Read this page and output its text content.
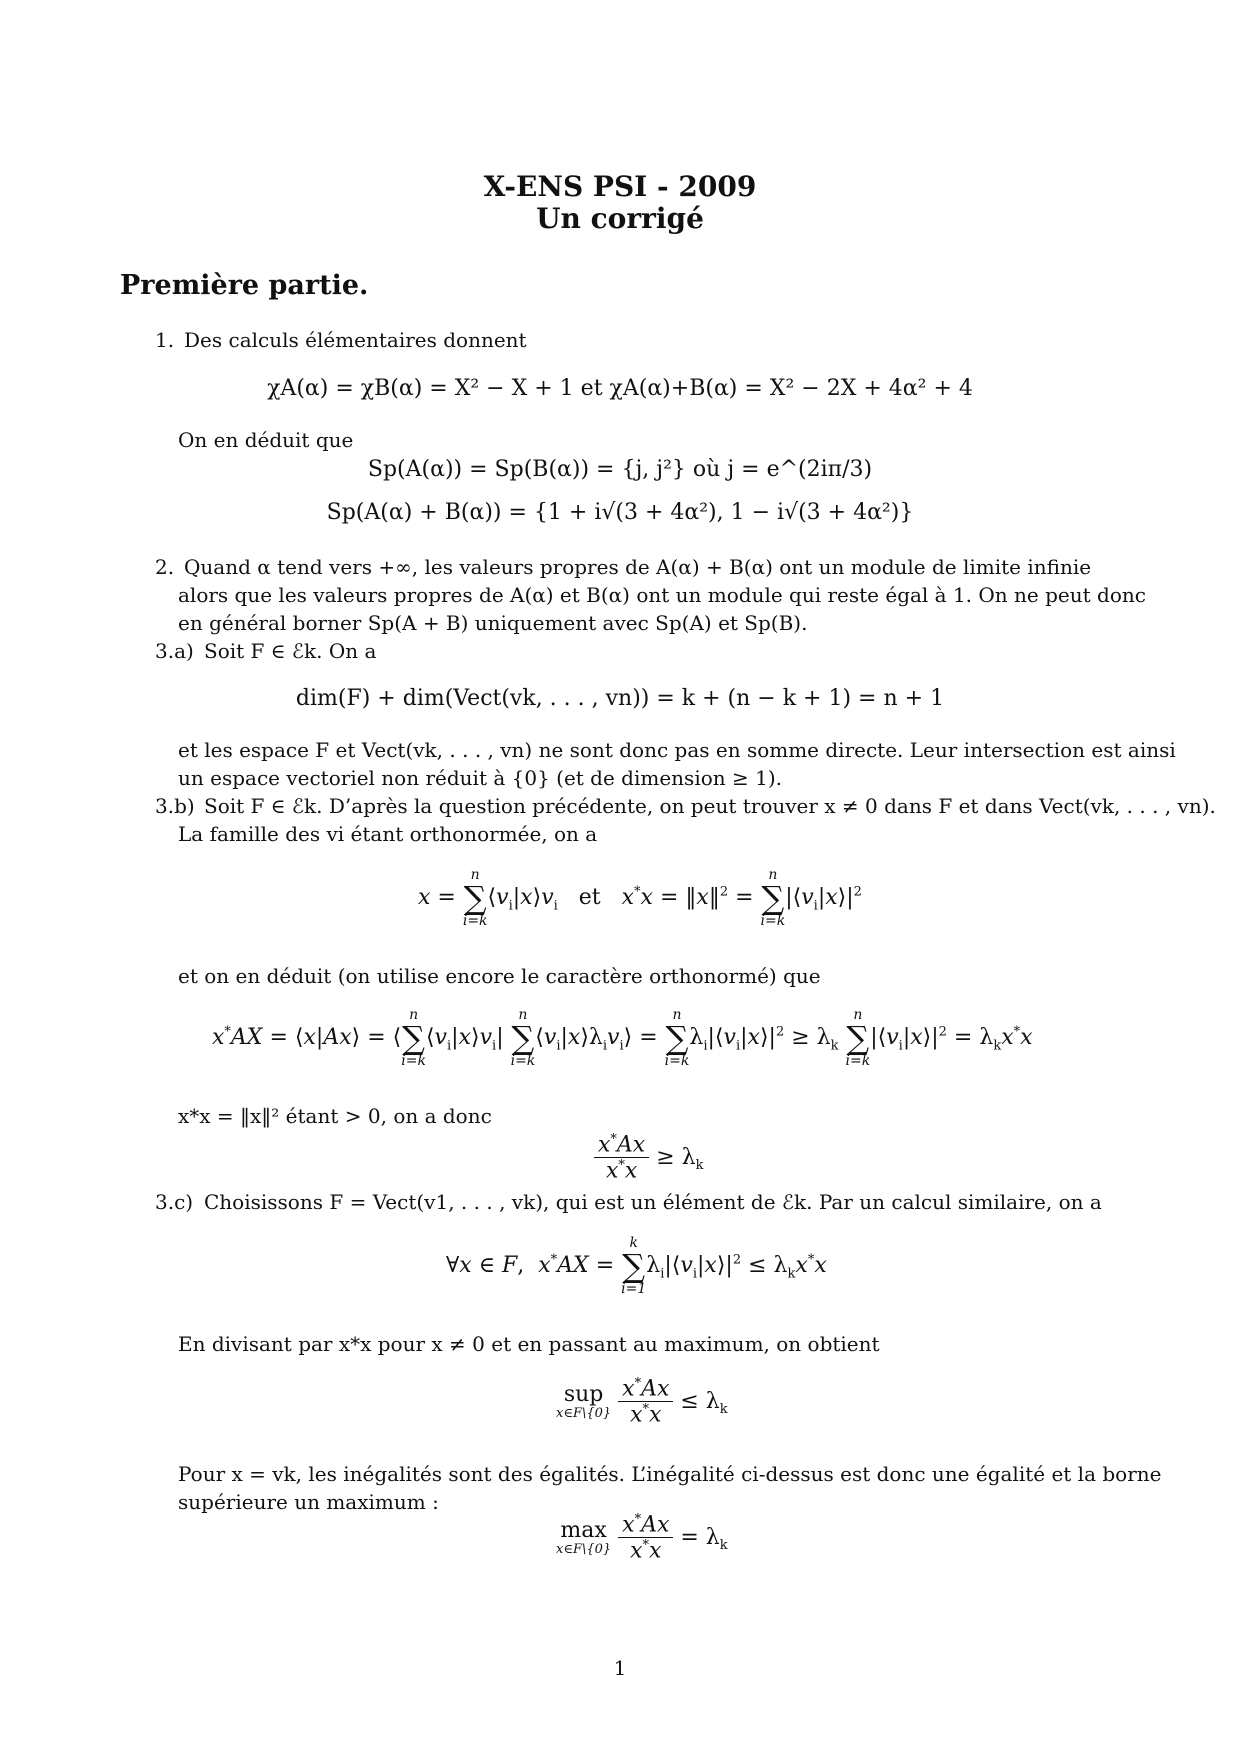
X-ENS PSI - 2009
Un corrigé
Première partie.
1. Des calculs élémentaires donnent
χA(α) = χB(α) = X² − X + 1 et χA(α)+B(α) = X² − 2X + 4α² + 4
On en déduit que
Sp(A(α)) = Sp(B(α)) = {j, j²} où j = e^(2iπ/3)
Sp(A(α) + B(α)) = {1 + i√(3 + 4α²), 1 − i√(3 + 4α²)}
2. Quand α tend vers +∞, les valeurs propres de A(α) + B(α) ont un module de limite infinie
alors que les valeurs propres de A(α) et B(α) ont un module qui reste égal à 1. On ne peut donc
en général borner Sp(A + B) uniquement avec Sp(A) et Sp(B).
3.a) Soit F ∈ ℰk. On a
dim(F) + dim(Vect(vk, . . . , vn)) = k + (n − k + 1) = n + 1
et les espace F et Vect(vk, . . . , vn) ne sont donc pas en somme directe. Leur intersection est ainsi
un espace vectoriel non réduit à {0} (et de dimension ≥ 1).
3.b) Soit F ∈ ℰk. D’après la question précédente, on peut trouver x ≠ 0 dans F et dans Vect(vk, . . . , vn).
La famille des vi étant orthonormée, on a
x =
n
∑
i=k
$⟨v_i|x⟩v_i$   et   x*x = ‖x‖$^2$ =
n
∑
i=k
$|⟨v_i|x⟩|^2$
et on en déduit (on utilise encore le caractère orthonormé) que
x*AX = ⟨x|Ax⟩ = ⟨
n
∑
i=k
$⟨v_i|x⟩v_i|$
n
∑
i=k
$⟨v_i|x⟩\lambda_iv_i⟩$ =
n
∑
i=k
$\lambda_i|⟨v_i|x⟩|^2 \ge \lambda_k$
n
∑
i=k
$|⟨v_i|x⟩|^2 = \lambda_kx^*x$
x*x = ‖x‖² étant > 0, on a donc
$\frac{x^*Ax}{x^*x} \ge \lambda_k$
3.c) Choisissons F = Vect(v1, . . . , vk), qui est un élément de ℰk. Par un calcul similaire, on a
∀x ∈ F,  x*AX =
k
∑
i=1
$\lambda_i|⟨v_i|x⟩|^2 \le \lambda_kx^*x$
En divisant par x*x pour x ≠ 0 et en passant au maximum, on obtient
sup
x∈F\{0}
$\frac{x^*Ax}{x^*x} \le \lambda_k$
Pour x = vk, les inégalités sont des égalités. L’inégalité ci-dessus est donc une égalité et la borne
supérieure un maximum :
max
x∈F\{0}
$\frac{x^*Ax}{x^*x} = \lambda_k$
1
